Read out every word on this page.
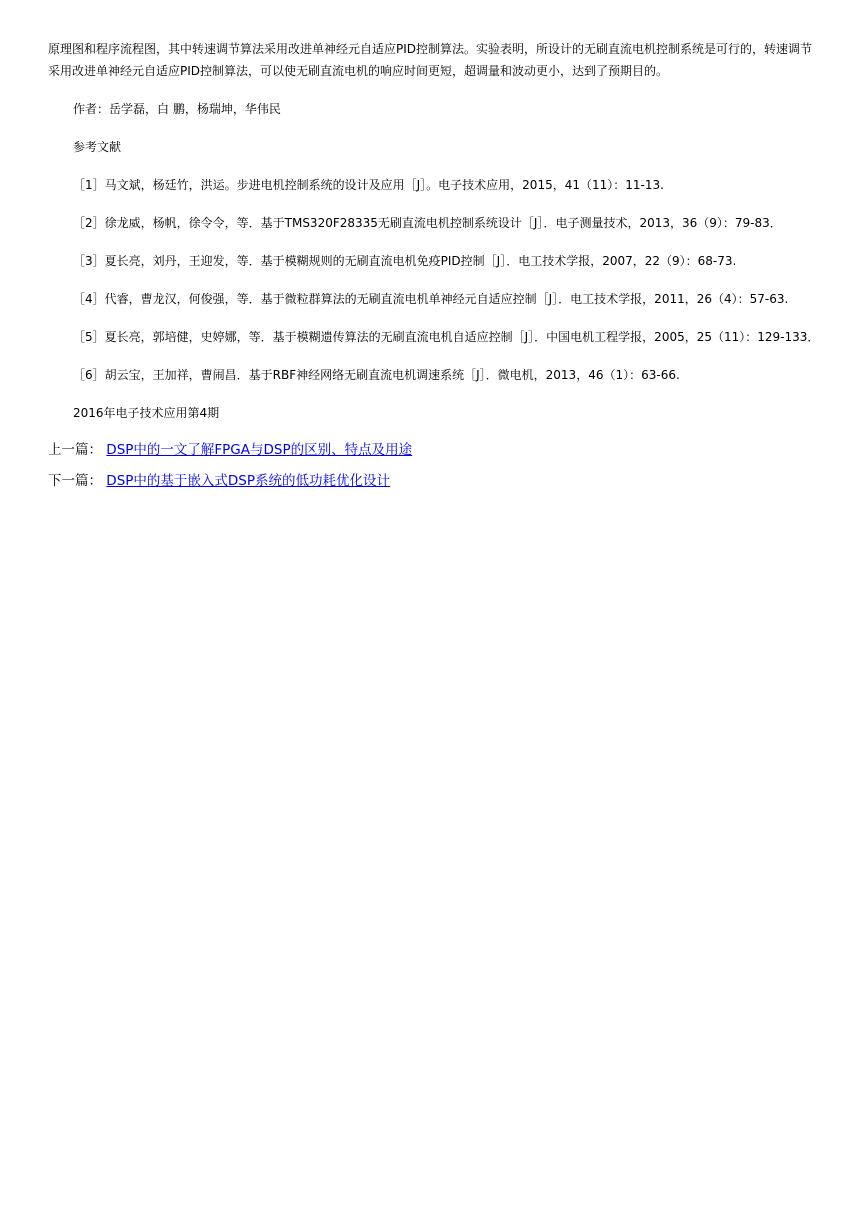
原理图和程序流程图，其中转速调节算法采用改进单神经元自适应PID控制算法。实验表明，所设计的无刷直流电机控制系统是可行的，转速调节采用改进单神经元自适应PID控制算法，可以使无刷直流电机的响应时间更短，超调量和波动更小，达到了预期目的。

作者：岳学磊，白 鹏，杨瑞坤，华伟民

参考文献

［1］马文斌，杨廷竹，洪运。步进电机控制系统的设计及应用［J］。电子技术应用，2015，41（11）：11-13.

［2］徐龙威，杨帆，徐令令，等．基于TMS320F28335无刷直流电机控制系统设计［J］．电子测量技术，2013，36（9）：79-83．

［3］夏长亮，刘丹，王迎发，等．基于模糊规则的无刷直流电机免疫PID控制［J］．电工技术学报，2007，22（9）：68-73.

［4］代睿，曹龙汉，何俊强，等．基于微粒群算法的无刷直流电机单神经元自适应控制［J］．电工技术学报，2011，26（4）：57-63.

［5］夏长亮，郭培健，史婷娜，等．基于模糊遗传算法的无刷直流电机自适应控制［J］．中国电机工程学报，2005，25（11）：129-133．

［6］胡云宝，王加祥，曹闹昌．基于RBF神经网络无刷直流电机调速系统［J］．微电机，2013，46（1）：63-66.

2016年电子技术应用第4期

上一篇： DSP中的一文了解FPGA与DSP的区别、特点及用途
下一篇： DSP中的基于嵌入式DSP系统的低功耗优化设计
